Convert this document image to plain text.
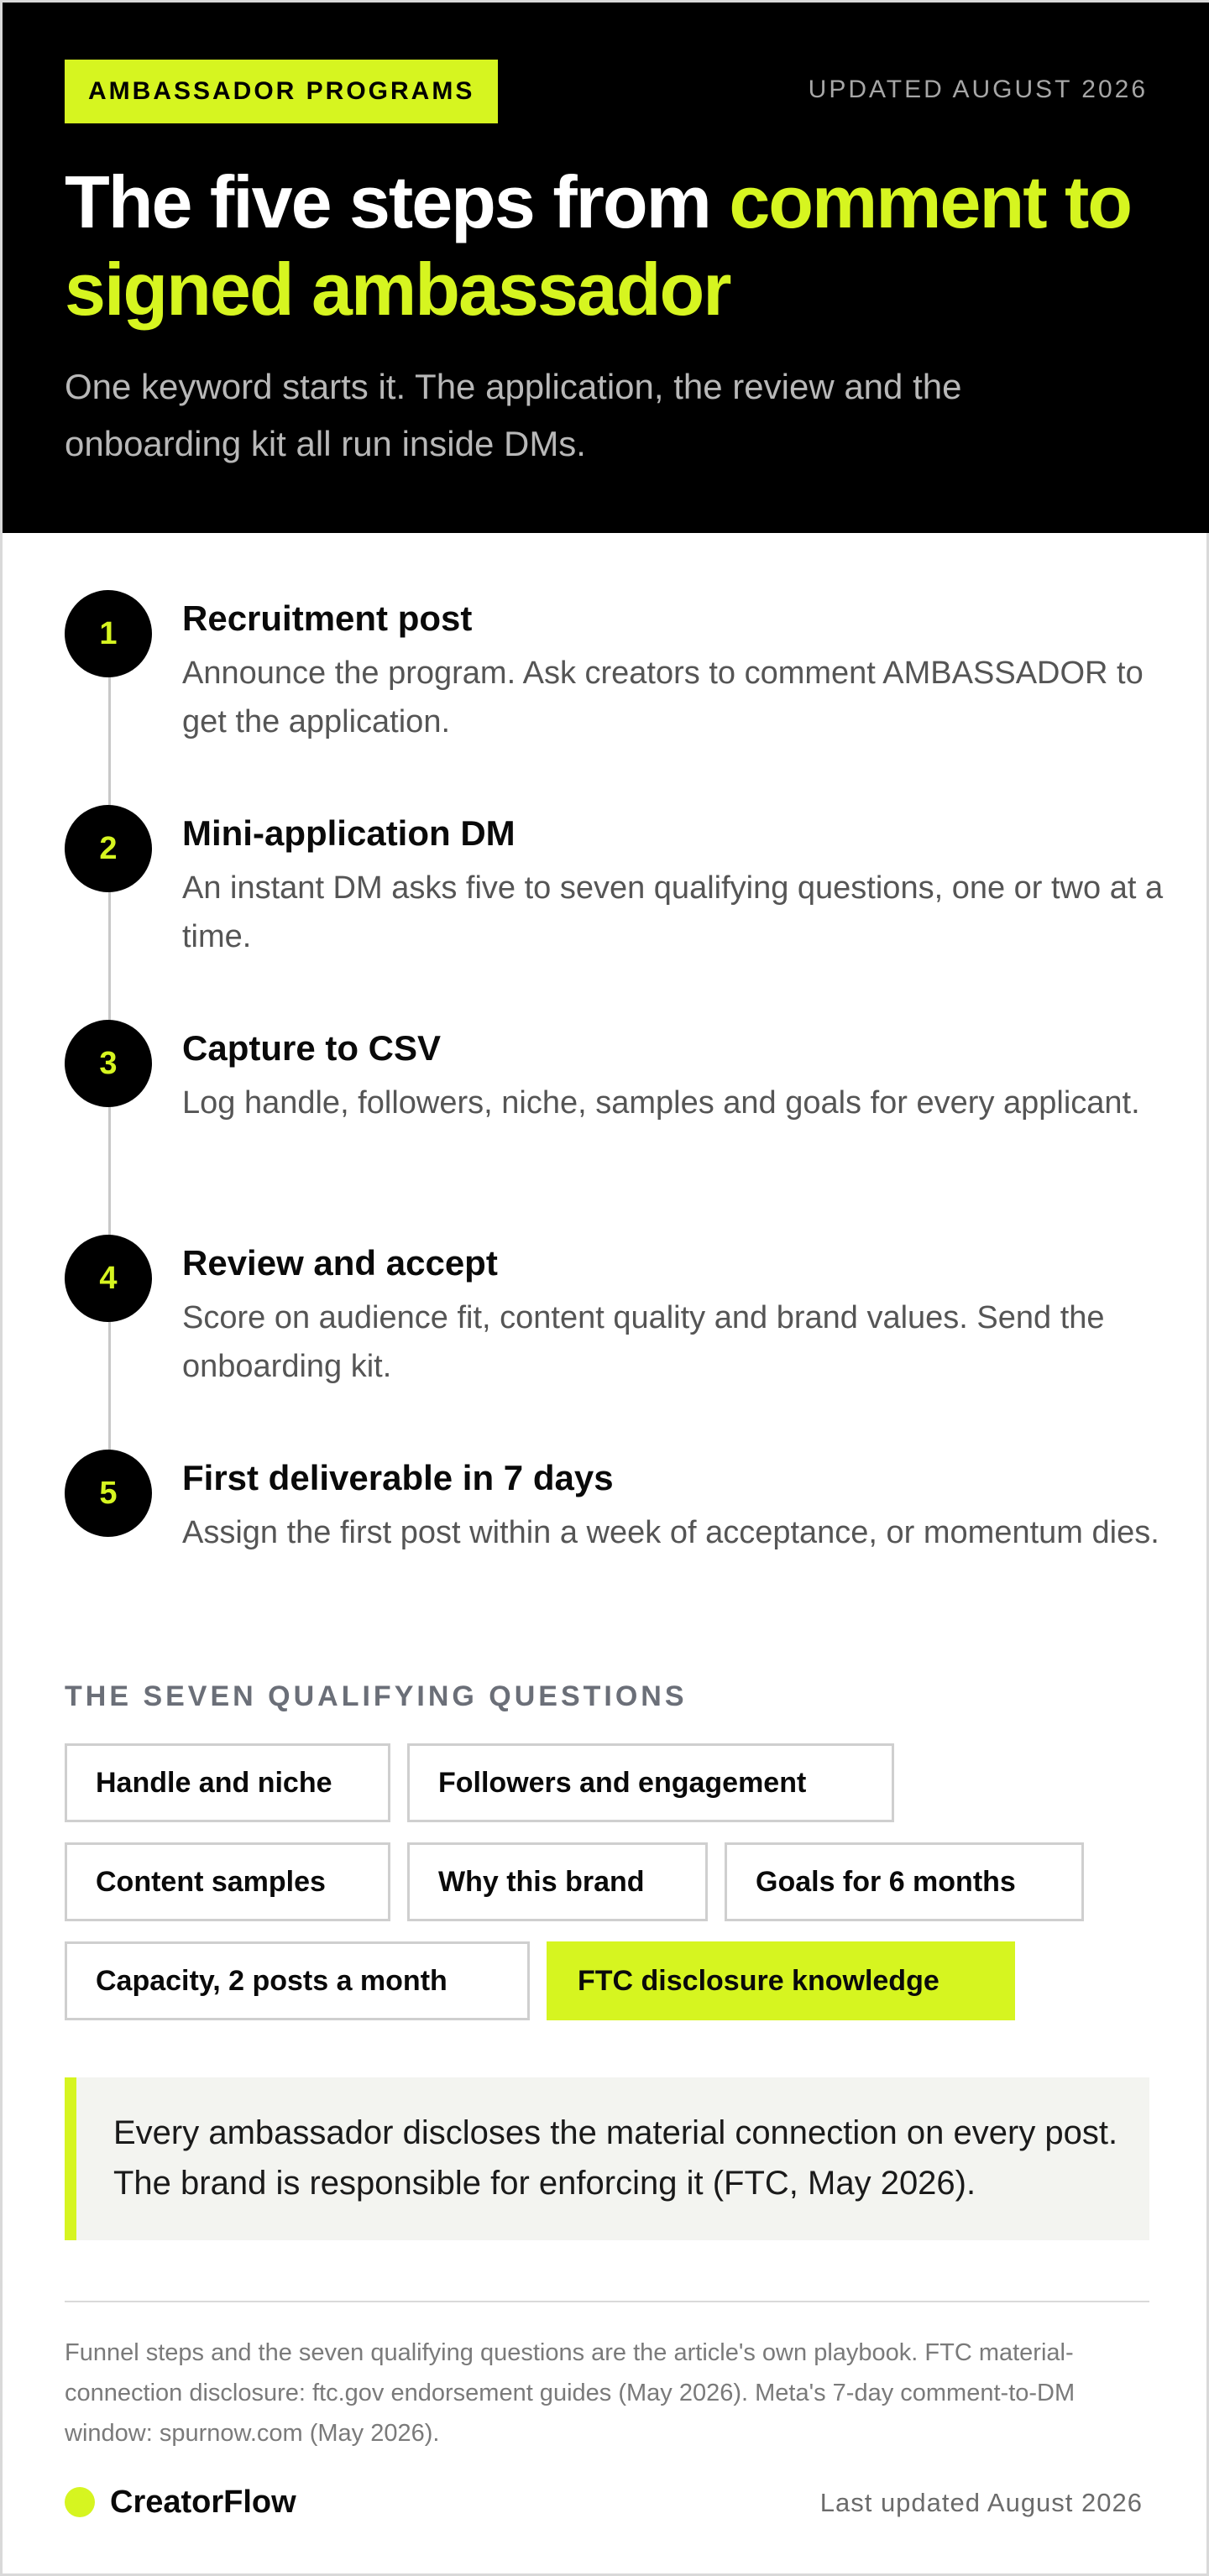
AMBASSADOR PROGRAMS	UPDATED AUGUST 2026
The five steps from comment to signed ambassador

One keyword starts it. The application, the review and the onboarding kit all run inside DMs.

1	Recruitment post
Announce the program. Ask creators to comment AMBASSADOR to get the application.
2	Mini-application DM
An instant DM asks five to seven qualifying questions, one or two at a time.
3	Capture to CSV
Log handle, followers, niche, samples and goals for every applicant.
4	Review and accept
Score on audience fit, content quality and brand values. Send the onboarding kit.
5	First deliverable in 7 days
Assign the first post within a week of acceptance, or momentum dies.
THE SEVEN QUALIFYING QUESTIONS
Handle and niche	Followers and engagement
Content samples	Why this brand	Goals for 6 months
Capacity, 2 posts a month	FTC disclosure knowledge

Every ambassador discloses the material connection on every post. The brand is responsible for enforcing it (FTC, May 2026).

Funnel steps and the seven qualifying questions are the article's own playbook. FTC material-connection disclosure: ftc.gov endorsement guides (May 2026). Meta's 7-day comment-to-DM window: spurnow.com (May 2026).

CreatorFlow	Last updated August 2026
